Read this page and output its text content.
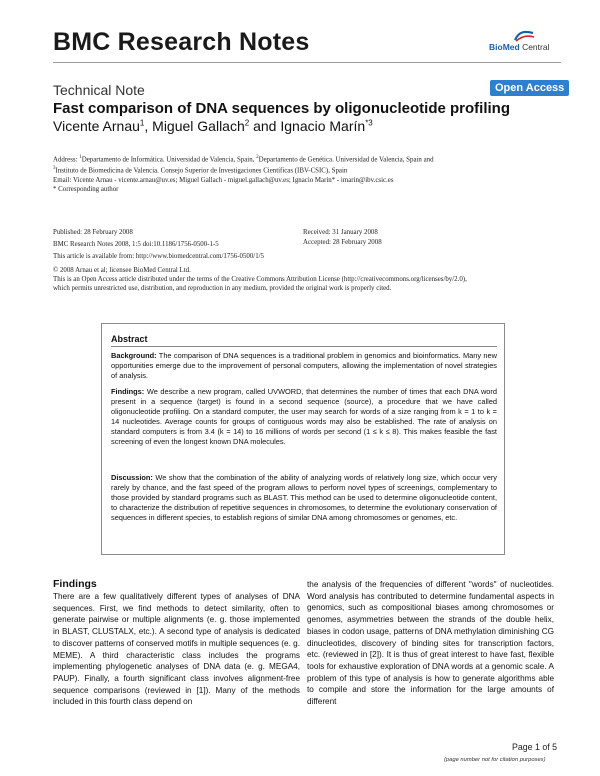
BMC Research Notes	BioMed Central
Technical Note	Open Access
Fast comparison of DNA sequences by oligonucleotide profiling
Vicente Arnau$^1$, Miguel Gallach$^2$ and Ignacio Marín$^{*3}$
Address: $^1$Departamento de Informática. Universidad de Valencia, Spain, $^2$Departamento de Genética. Universidad de Valencia, Spain and
$^3$Instituto de Biomedicina de Valencia. Consejo Superior de Investigaciones Científicas (IBV-CSIC), Spain
Email: Vicente Arnau - vicente.arnau@uv.es; Miguel Gallach - miguel.gallach@uv.es; Ignacio Marín* - imarin@ibv.csic.es
* Corresponding author
Published: 28 February 2008
BMC Research Notes 2008, 1:5 doi:10.1186/1756-0500-1-5
Received: 31 January 2008
Accepted: 28 February 2008
This article is available from: http://www.biomedcentral.com/1756-0500/1/5
© 2008 Arnau et al; licensee BioMed Central Ltd.
This is an Open Access article distributed under the terms of the Creative Commons Attribution License (http://creativecommons.org/licenses/by/2.0),
which permits unrestricted use, distribution, and reproduction in any medium, provided the original work is properly cited.
Abstract
Background: The comparison of DNA sequences is a traditional problem in genomics and bioinformatics. Many new opportunities emerge due to the improvement of personal computers, allowing the implementation of novel strategies of analysis.
Findings: We describe a new program, called UVWORD, that determines the number of times that each DNA word present in a sequence (target) is found in a second sequence (source), a procedure that we have called oligonucleotide profiling. On a standard computer, the user may search for words of a size ranging from k = 1 to k = 14 nucleotides. Average counts for groups of contiguous words may also be established. The rate of analysis on standard computers is from 3.4 (k = 14) to 16 millions of words per second (1 ≤ k ≤ 8). This makes feasible the fast screening of even the longest known DNA molecules.
Discussion: We show that the combination of the ability of analyzing words of relatively long size, which occur very rarely by chance, and the fast speed of the program allows to perform novel types of screenings, complementary to those provided by standard programs such as BLAST. This method can be used to determine oligonucleotide content, to characterize the distribution of repetitive sequences in chromosomes, to determine the evolutionary conservation of sequences in different species, to establish regions of similar DNA among chromosomes or genomes, etc.
Findings
There are a few qualitatively different types of analyses of DNA sequences. First, we find methods to detect similarity, often to generate pairwise or multiple alignments (e. g. those implemented in BLAST, CLUSTALX, etc.). A second type of analysis is dedicated to discover patterns of conserved motifs in multiple sequences (e. g. MEME). A third characteristic class includes the programs implementing phylogenetic analyses of DNA data (e. g. MEGA4, PAUP). Finally, a fourth significant class involves alignment-free sequence comparisons (reviewed in [1]). Many of the methods included in this fourth class depend on
the analysis of the frequencies of different "words" of nucleotides. Word analysis has contributed to determine fundamental aspects in genomics, such as compositional biases among chromosomes or genomes, asymmetries between the strands of the double helix, biases in codon usage, patterns of DNA methylation diminishing CG dinucleotides, discovery of binding sites for transcription factors, etc. (reviewed in [2]). It is thus of great interest to have fast, flexible tools for exhaustive exploration of DNA words at a genomic scale. A problem of this type of analysis is how to generate algorithms able to compile and store the information for the large amounts of different
Page 1 of 5
(page number not for citation purposes)
